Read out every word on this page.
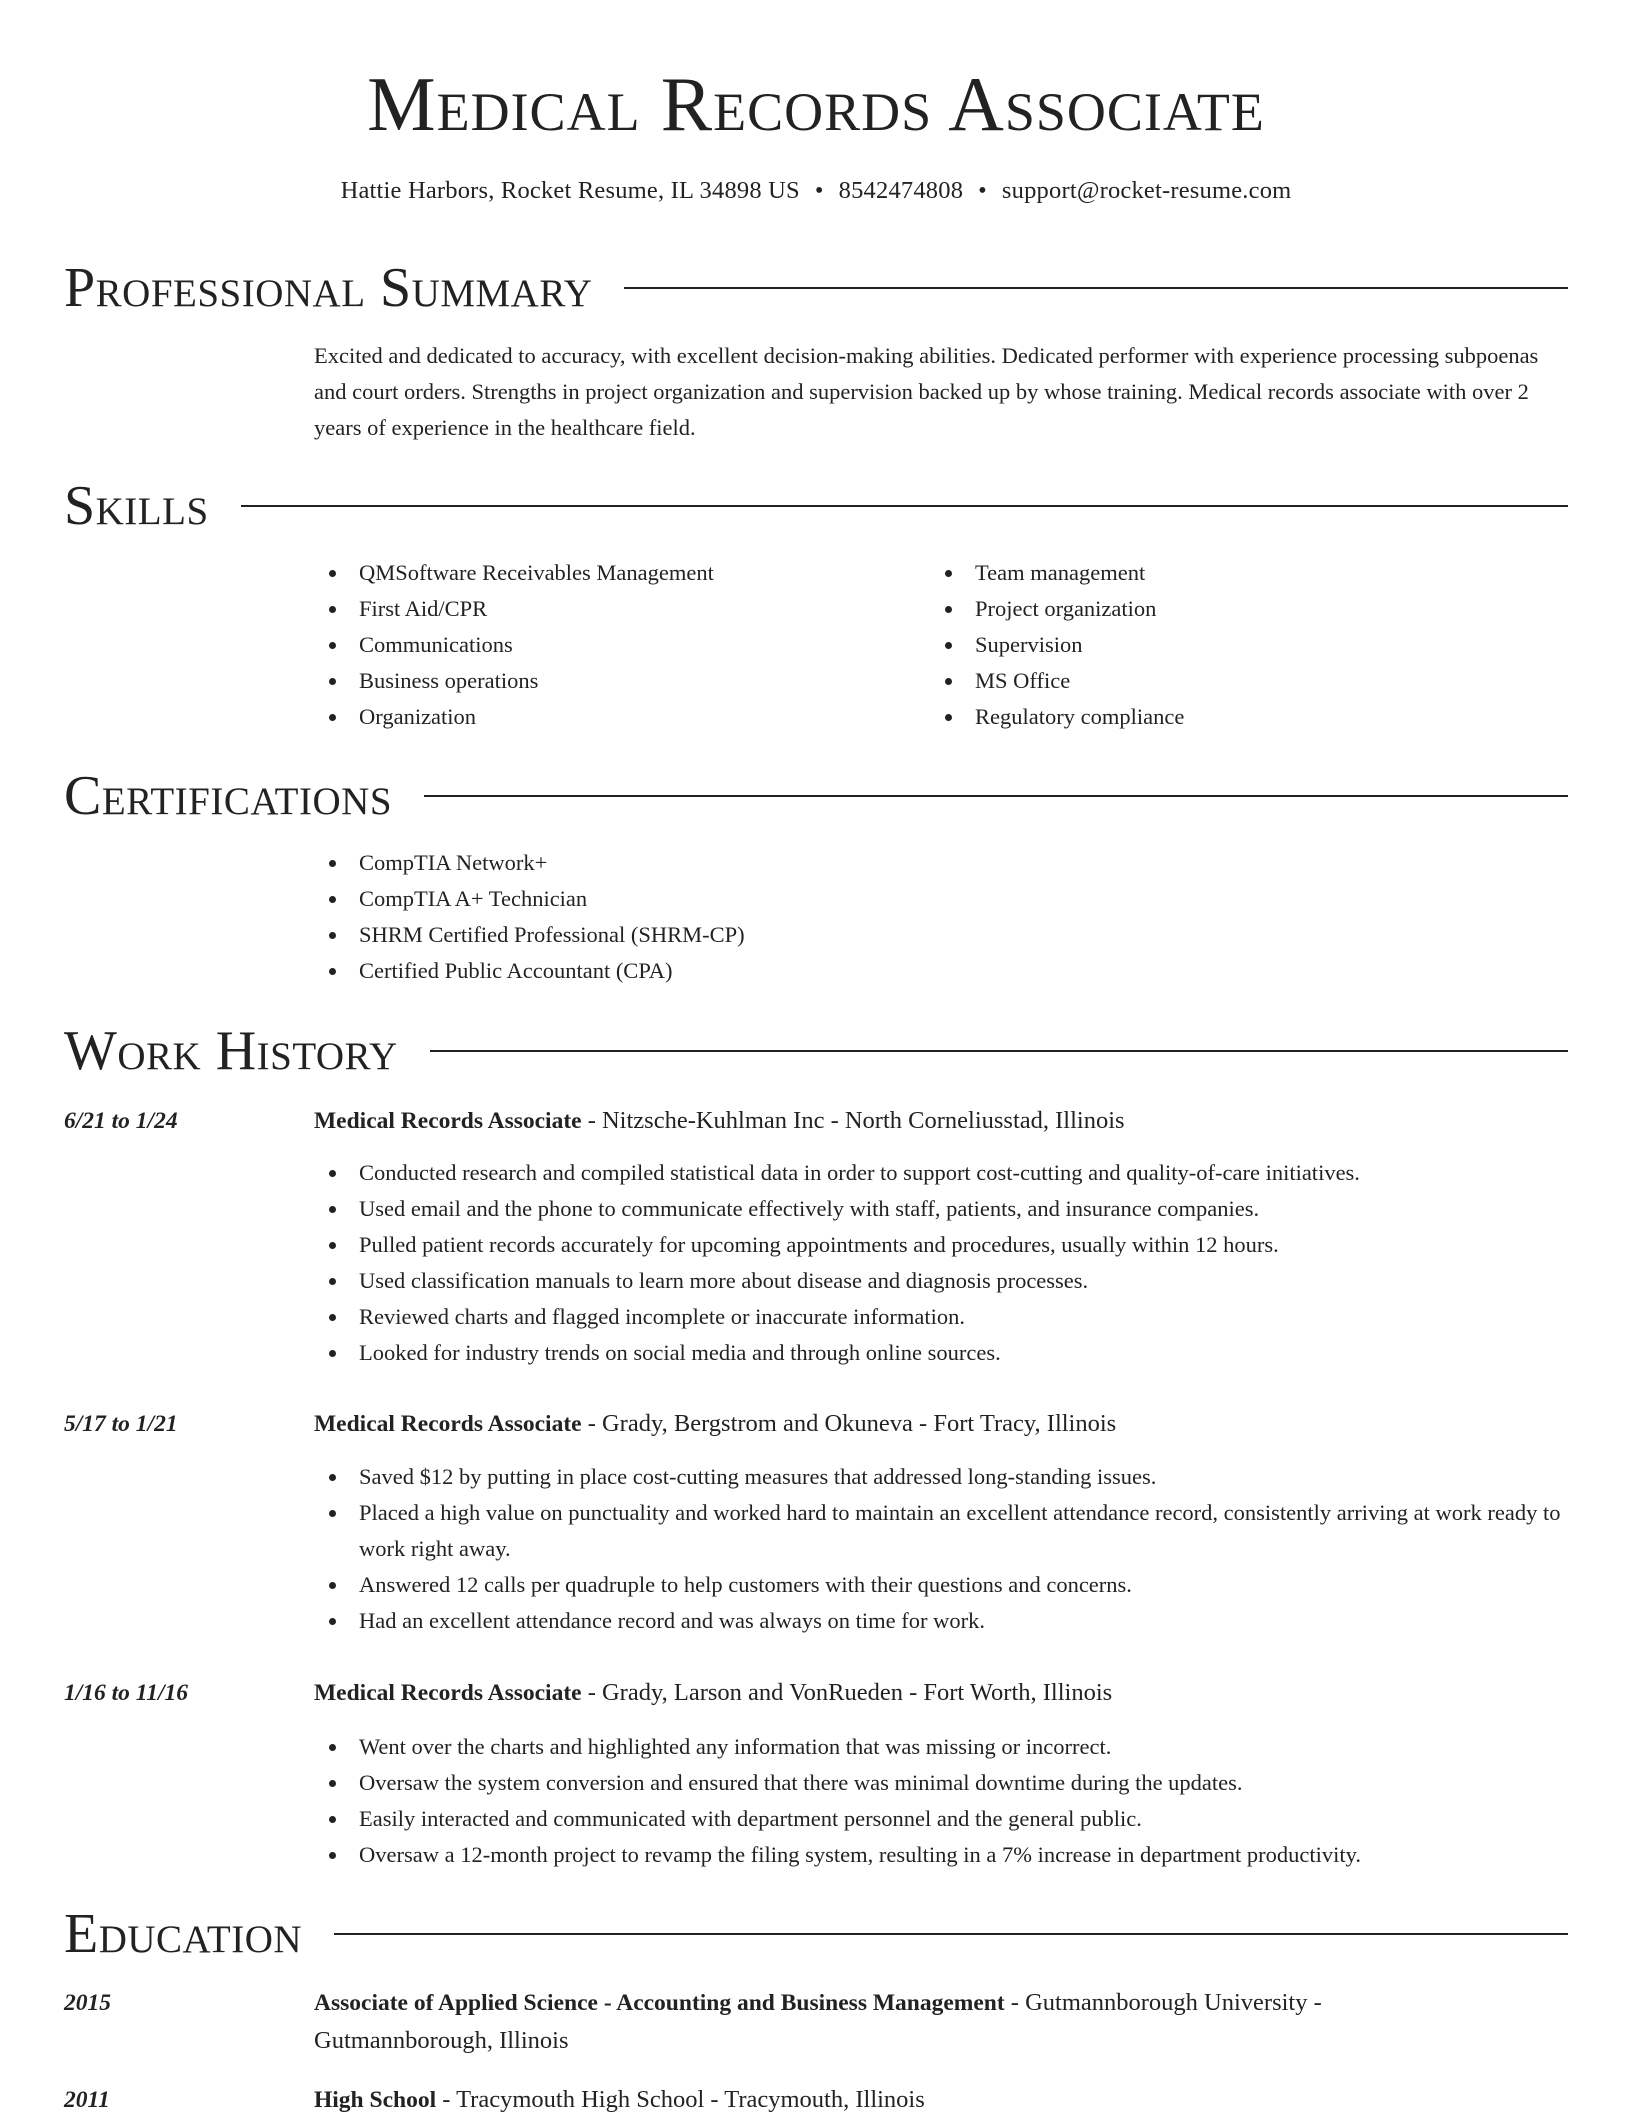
Medical Records Associate
Hattie Harbors, Rocket Resume, IL 34898 US • 8542474808 • support@rocket-resume.com
Professional Summary

Excited and dedicated to accuracy, with excellent decision-making abilities. Dedicated performer with experience processing subpoenas and court orders. Strengths in project organization and supervision backed up by whose training. Medical records associate with over 2 years of experience in the healthcare field.

Skills
QMSoftware Receivables Management
First Aid/CPR
Communications
Business operations
Organization
Team management
Project organization
Supervision
MS Office
Regulatory compliance
Certifications
CompTIA Network+
CompTIA A+ Technician
SHRM Certified Professional (SHRM-CP)
Certified Public Accountant (CPA)
Work History
6/21 to 1/24	Medical Records Associate - Nitzsche-Kuhlman Inc - North Corneliusstad, Illinois
Conducted research and compiled statistical data in order to support cost-cutting and quality-of-care initiatives.
Used email and the phone to communicate effectively with staff, patients, and insurance companies.
Pulled patient records accurately for upcoming appointments and procedures, usually within 12 hours.
Used classification manuals to learn more about disease and diagnosis processes.
Reviewed charts and flagged incomplete or inaccurate information.
Looked for industry trends on social media and through online sources.
5/17 to 1/21	Medical Records Associate - Grady, Bergstrom and Okuneva - Fort Tracy, Illinois
Saved $12 by putting in place cost-cutting measures that addressed long-standing issues.
Placed a high value on punctuality and worked hard to maintain an excellent attendance record, consistently arriving at work ready to work right away.
Answered 12 calls per quadruple to help customers with their questions and concerns.
Had an excellent attendance record and was always on time for work.
1/16 to 11/16	Medical Records Associate - Grady, Larson and VonRueden - Fort Worth, Illinois
Went over the charts and highlighted any information that was missing or incorrect.
Oversaw the system conversion and ensured that there was minimal downtime during the updates.
Easily interacted and communicated with department personnel and the general public.
Oversaw a 12-month project to revamp the filing system, resulting in a 7% increase in department productivity.
Education
2015	Associate of Applied Science - Accounting and Business Management - Gutmannborough University - Gutmannborough, Illinois
2011	High School - Tracymouth High School - Tracymouth, Illinois
